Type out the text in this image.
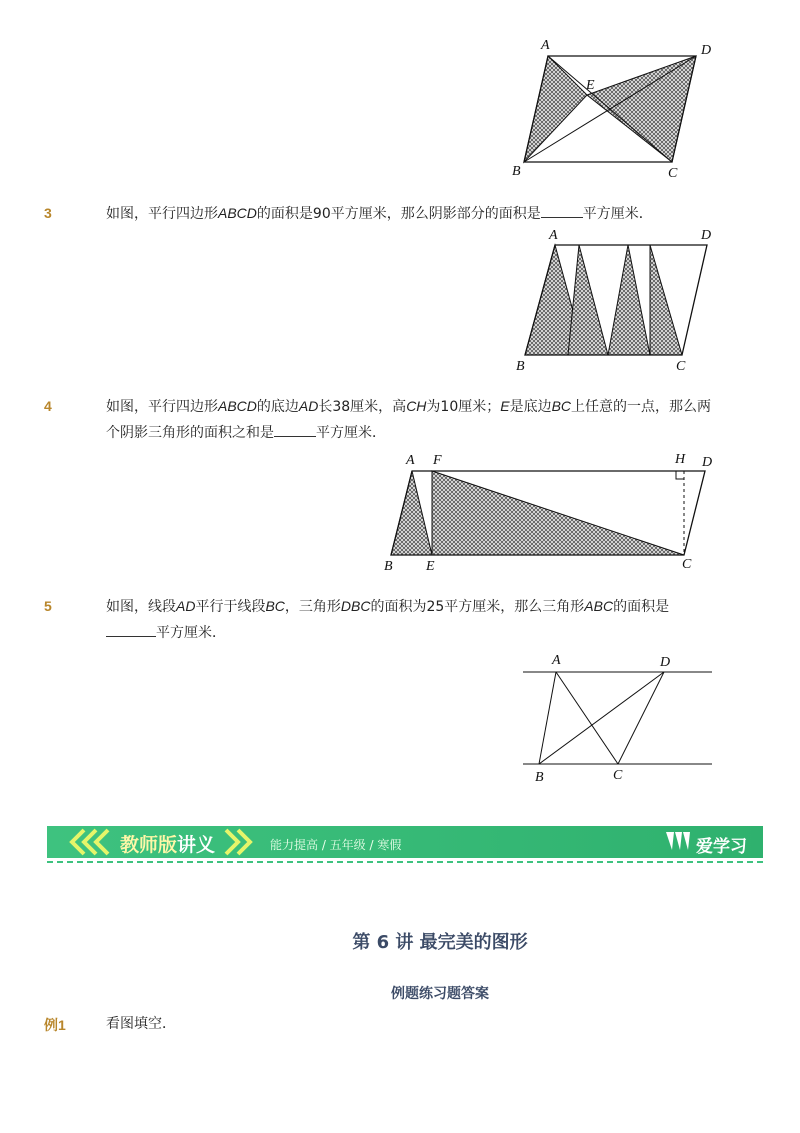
A	D
E
B	C
3	如图，平行四边形ABCD的面积是90平方厘米，那么阴影部分的面积是	平方厘米．
A	D
B	C
4	如图，平行四边形ABCD的底边AD长38厘米，高CH为10厘米；E是底边BC上任意的一点，那么两
个阴影三角形的面积之和是	平方厘米．
A F	H D
B E	C
5	如图，线段AD平行于线段BC，三角形DBC的面积为25平方厘米，那么三角形ABC的面积是
平方厘米．
A	D
B	C
教师版讲义	能力提高 / 五年级 / 寒假	爱学习
第 6 讲 最完美的图形
例题练习题答案
例1	看图填空．
